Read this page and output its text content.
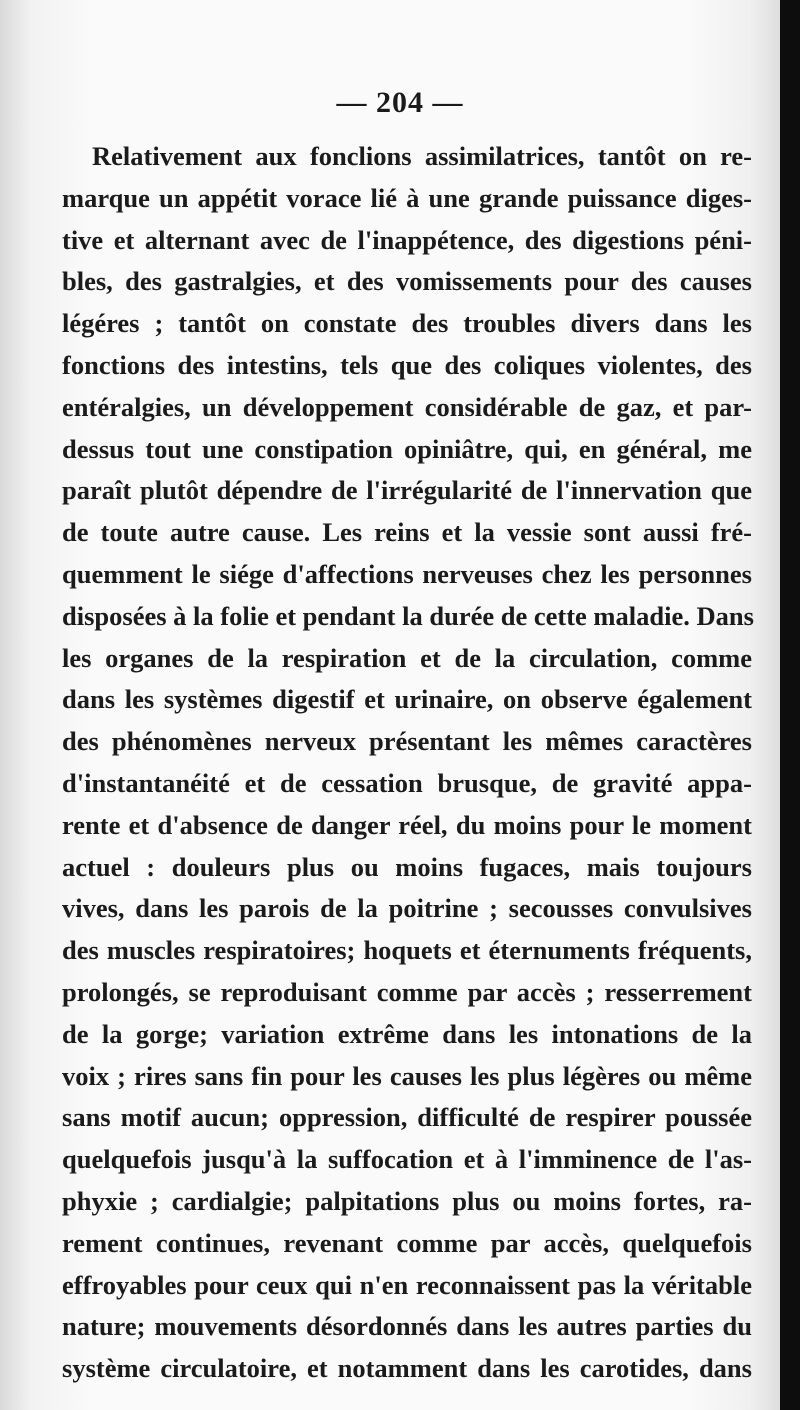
— 204 —

Relativement aux fonclions assimilatrices, tantôt on re-
marque un appétit vorace lié à une grande puissance diges-
tive et alternant avec de l'inappétence, des digestions péni-
bles, des gastralgies, et des vomissements pour des causes
légéres ; tantôt on constate des troubles divers dans les
fonctions des intestins, tels que des coliques violentes, des
entéralgies, un développement considérable de gaz, et par-
dessus tout une constipation opiniâtre, qui, en général, me
paraît plutôt dépendre de l'irrégularité de l'innervation que
de toute autre cause. Les reins et la vessie sont aussi fré-
quemment le siége d'affections nerveuses chez les personnes
disposées à la folie et pendant la durée de cette maladie. Dans
les organes de la respiration et de la circulation, comme
dans les systèmes digestif et urinaire, on observe également
des phénomènes nerveux présentant les mêmes caractères
d'instantanéité et de cessation brusque, de gravité appa-
rente et d'absence de danger réel, du moins pour le moment
actuel : douleurs plus ou moins fugaces, mais toujours
vives, dans les parois de la poitrine ; secousses convulsives
des muscles respiratoires; hoquets et éternuments fréquents,
prolongés, se reproduisant comme par accès ; resserrement
de la gorge; variation extrême dans les intonations de la
voix ; rires sans fin pour les causes les plus légères ou même
sans motif aucun; oppression, difficulté de respirer poussée
quelquefois jusqu'à la suffocation et à l'imminence de l'as-
phyxie ; cardialgie; palpitations plus ou moins fortes, ra-
rement continues, revenant comme par accès, quelquefois
effroyables pour ceux qui n'en reconnaissent pas la véritable
nature; mouvements désordonnés dans les autres parties du
système circulatoire, et notamment dans les carotides, dans
